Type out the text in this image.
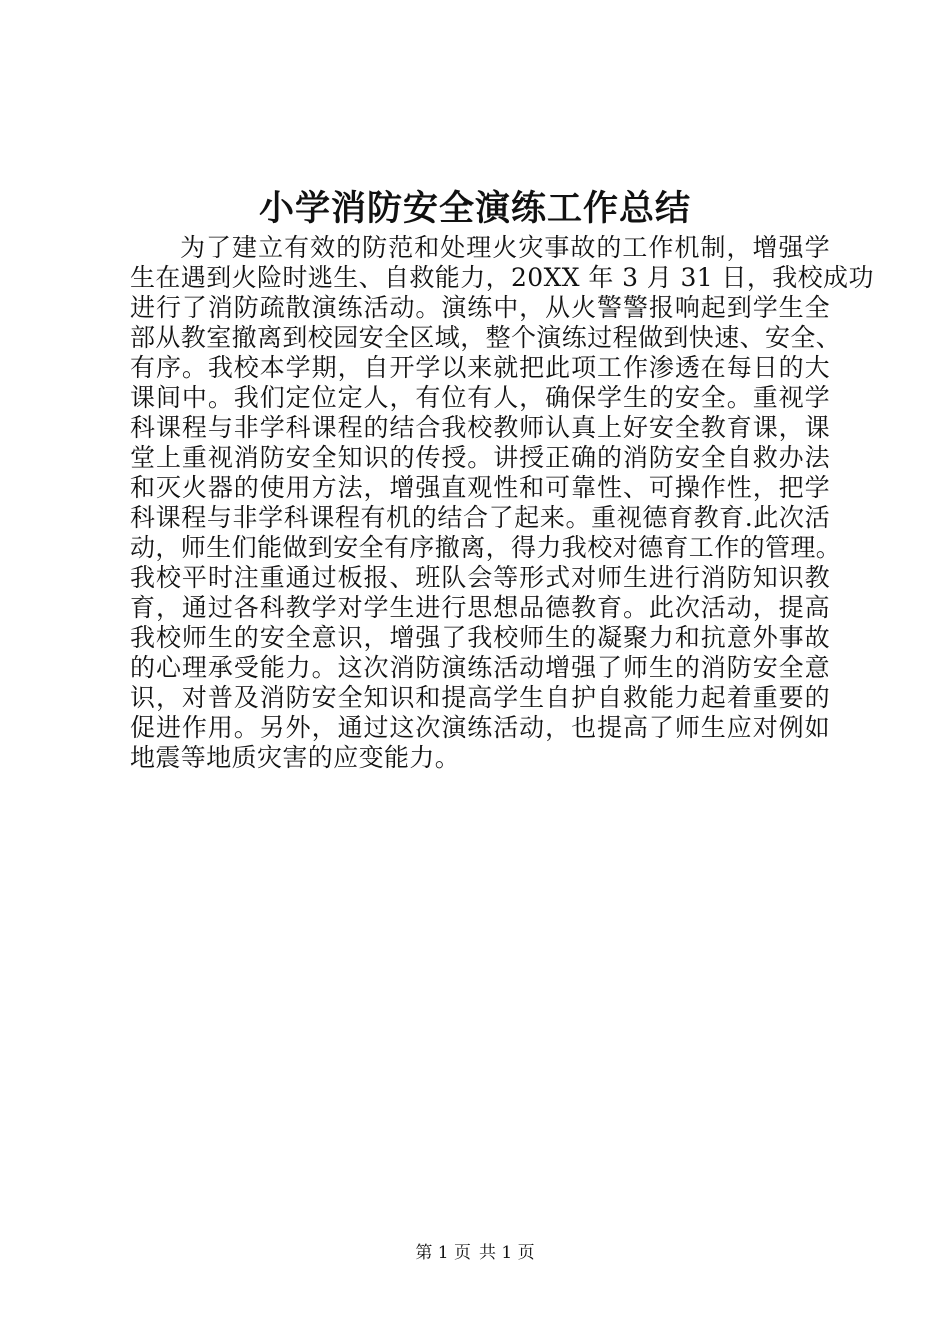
小学消防安全演练工作总结
为了建立有效的防范和处理火灾事故的工作机制，增强学
生在遇到火险时逃生、自救能力，20XX 年 3 月 31 日，我校成功
进行了消防疏散演练活动。演练中，从火警警报响起到学生全
部从教室撤离到校园安全区域，整个演练过程做到快速、安全、
有序。我校本学期，自开学以来就把此项工作渗透在每日的大
课间中。我们定位定人，有位有人，确保学生的安全。重视学
科课程与非学科课程的结合我校教师认真上好安全教育课，课
堂上重视消防安全知识的传授。讲授正确的消防安全自救办法
和灭火器的使用方法，增强直观性和可靠性、可操作性，把学
科课程与非学科课程有机的结合了起来。重视德育教育.此次活
动，师生们能做到安全有序撤离，得力我校对德育工作的管理。
我校平时注重通过板报、班队会等形式对师生进行消防知识教
育，通过各科教学对学生进行思想品德教育。此次活动，提高
我校师生的安全意识，增强了我校师生的凝聚力和抗意外事故
的心理承受能力。这次消防演练活动增强了师生的消防安全意
识，对普及消防安全知识和提高学生自护自救能力起着重要的
促进作用。另外，通过这次演练活动，也提高了师生应对例如
地震等地质灾害的应变能力。
第 1 页 共 1 页
